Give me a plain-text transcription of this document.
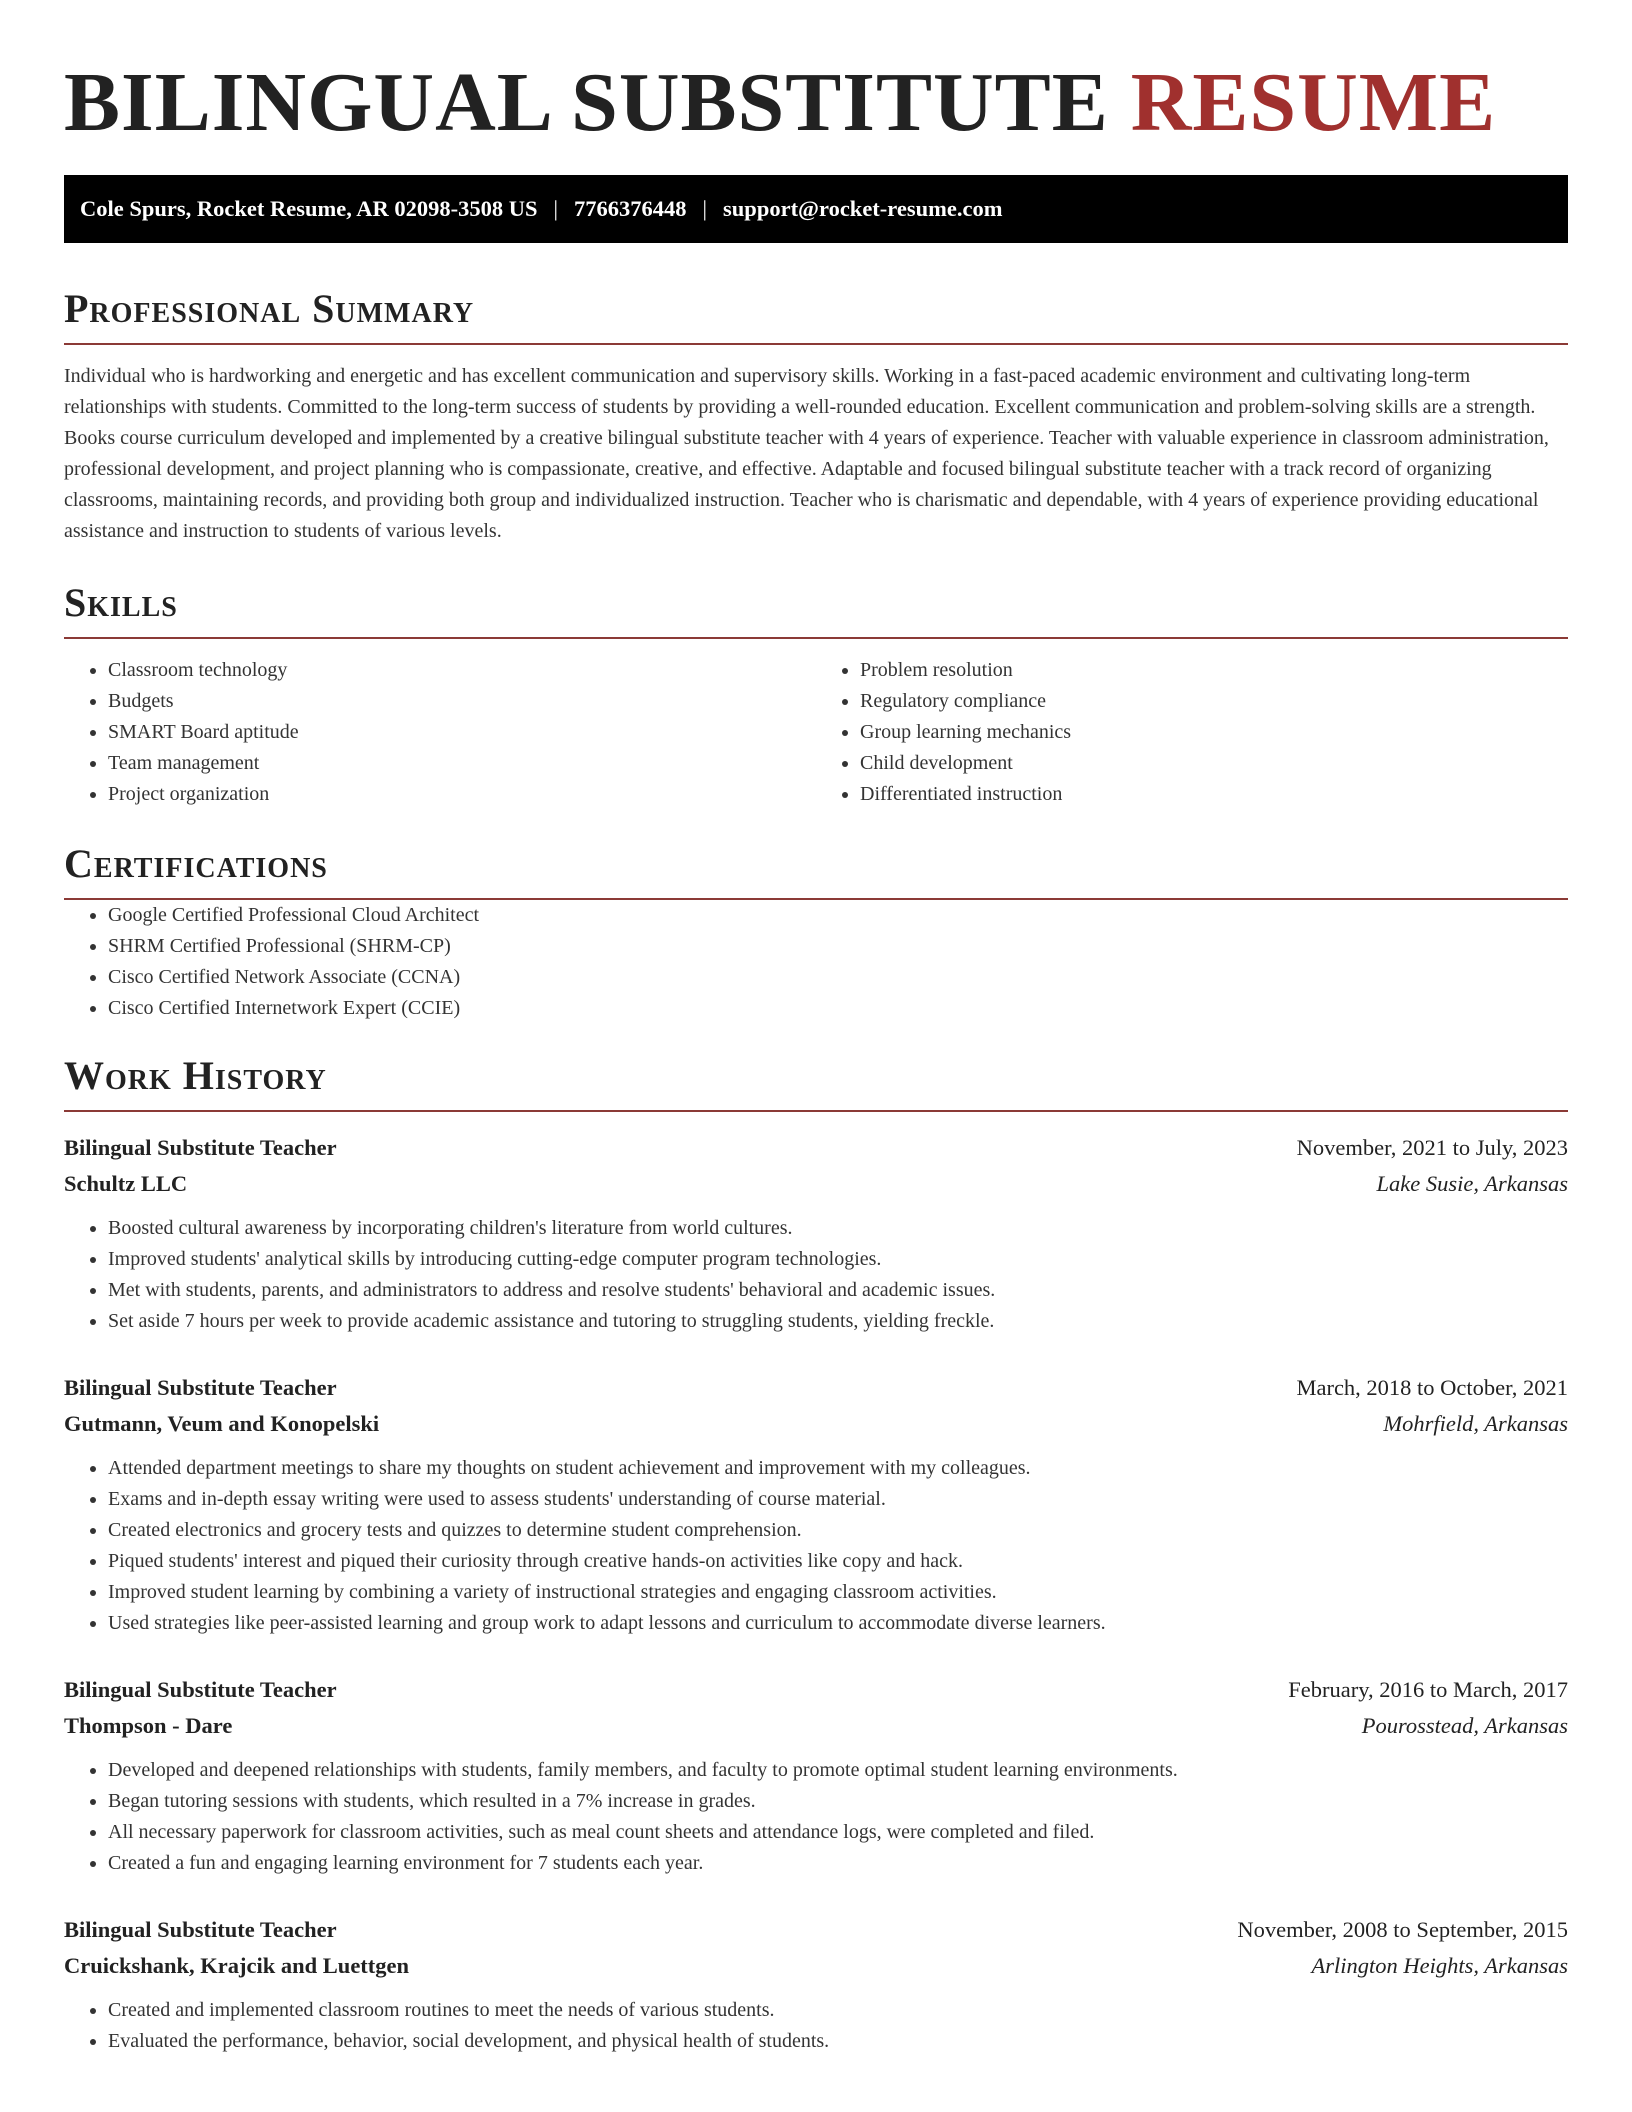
BILINGUAL SUBSTITUTE RESUME
Cole Spurs, Rocket Resume, AR 02098-3508 US | 7766376448 | support@rocket-resume.com
Professional Summary

Individual who is hardworking and energetic and has excellent communication and supervisory skills. Working in a fast-paced academic environment and cultivating long-term relationships with students. Committed to the long-term success of students by providing a well-rounded education. Excellent communication and problem-solving skills are a strength. Books course curriculum developed and implemented by a creative bilingual substitute teacher with 4 years of experience. Teacher with valuable experience in classroom administration, professional development, and project planning who is compassionate, creative, and effective. Adaptable and focused bilingual substitute teacher with a track record of organizing classrooms, maintaining records, and providing both group and individualized instruction. Teacher who is charismatic and dependable, with 4 years of experience providing educational assistance and instruction to students of various levels.

Skills
• Classroom technology
• Budgets
• SMART Board aptitude
• Team management
• Project organization
• Problem resolution
• Regulatory compliance
• Group learning mechanics
• Child development
• Differentiated instruction
Certifications
• Google Certified Professional Cloud Architect
• SHRM Certified Professional (SHRM-CP)
• Cisco Certified Network Associate (CCNA)
• Cisco Certified Internetwork Expert (CCIE)
Work History
Bilingual Substitute Teacher	November, 2021 to July, 2023
Schultz LLC	Lake Susie, Arkansas
• Boosted cultural awareness by incorporating children's literature from world cultures.
• Improved students' analytical skills by introducing cutting-edge computer program technologies.
• Met with students, parents, and administrators to address and resolve students' behavioral and academic issues.
• Set aside 7 hours per week to provide academic assistance and tutoring to struggling students, yielding freckle.
Bilingual Substitute Teacher	March, 2018 to October, 2021
Gutmann, Veum and Konopelski	Mohrfield, Arkansas
• Attended department meetings to share my thoughts on student achievement and improvement with my colleagues.
• Exams and in-depth essay writing were used to assess students' understanding of course material.
• Created electronics and grocery tests and quizzes to determine student comprehension.
• Piqued students' interest and piqued their curiosity through creative hands-on activities like copy and hack.
• Improved student learning by combining a variety of instructional strategies and engaging classroom activities.
• Used strategies like peer-assisted learning and group work to adapt lessons and curriculum to accommodate diverse learners.
Bilingual Substitute Teacher	February, 2016 to March, 2017
Thompson - Dare	Pourosstead, Arkansas
• Developed and deepened relationships with students, family members, and faculty to promote optimal student learning environments.
• Began tutoring sessions with students, which resulted in a 7% increase in grades.
• All necessary paperwork for classroom activities, such as meal count sheets and attendance logs, were completed and filed.
• Created a fun and engaging learning environment for 7 students each year.
Bilingual Substitute Teacher	November, 2008 to September, 2015
Cruickshank, Krajcik and Luettgen	Arlington Heights, Arkansas
• Created and implemented classroom routines to meet the needs of various students.
• Evaluated the performance, behavior, social development, and physical health of students.
